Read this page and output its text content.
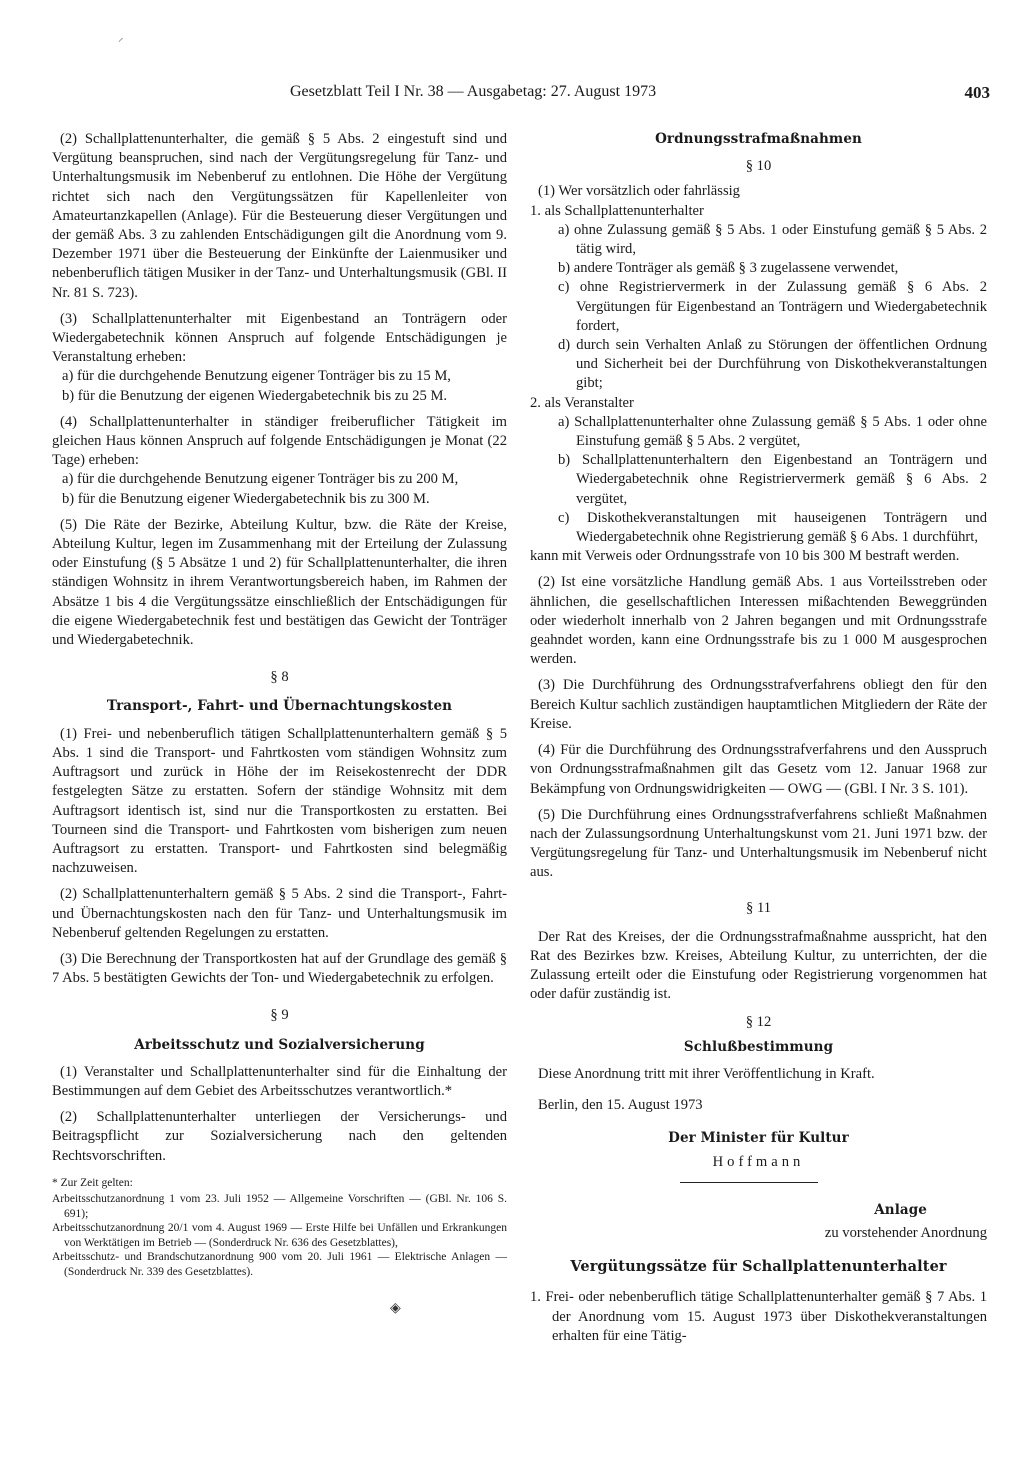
Gesetzblatt Teil I Nr. 38 — Ausgabetag: 27. August 1973	403

(2) Schallplattenunterhalter, die gemäß § 5 Abs. 2 eingestuft sind und Vergütung beanspruchen, sind nach der Vergütungsregelung für Tanz- und Unterhaltungsmusik im Nebenberuf zu entlohnen. Die Höhe der Vergütung richtet sich nach den Vergütungssätzen für Kapellenleiter von Amateurtanzkapellen (Anlage). Für die Besteuerung dieser Vergütungen und der gemäß Abs. 3 zu zahlenden Entschädigungen gilt die Anordnung vom 9. Dezember 1971 über die Besteuerung der Einkünfte der Laienmusiker und nebenberuflich tätigen Musiker in der Tanz- und Unterhaltungsmusik (GBl. II Nr. 81 S. 723).

(3) Schallplattenunterhalter mit Eigenbestand an Tonträgern oder Wiedergabetechnik können Anspruch auf folgende Entschädigungen je Veranstaltung erheben:

a) für die durchgehende Benutzung eigener Tonträger bis zu 15 M,

b) für die Benutzung der eigenen Wiedergabetechnik bis zu 25 M.

(4) Schallplattenunterhalter in ständiger freiberuflicher Tätigkeit im gleichen Haus können Anspruch auf folgende Entschädigungen je Monat (22 Tage) erheben:

a) für die durchgehende Benutzung eigener Tonträger bis zu 200 M,

b) für die Benutzung eigener Wiedergabetechnik bis zu 300 M.

(5) Die Räte der Bezirke, Abteilung Kultur, bzw. die Räte der Kreise, Abteilung Kultur, legen im Zusammenhang mit der Erteilung der Zulassung oder Einstufung (§ 5 Absätze 1 und 2) für Schallplattenunterhalter, die ihren ständigen Wohnsitz in ihrem Verantwortungsbereich haben, im Rahmen der Absätze 1 bis 4 die Vergütungssätze einschließlich der Entschädigungen für die eigene Wiedergabetechnik fest und bestätigen das Gewicht der Tonträger und Wiedergabetechnik.

§ 8

Transport-, Fahrt- und Übernachtungskosten

(1) Frei- und nebenberuflich tätigen Schallplattenunterhaltern gemäß § 5 Abs. 1 sind die Transport- und Fahrtkosten vom ständigen Wohnsitz zum Auftragsort und zurück in Höhe der im Reisekostenrecht der DDR festgelegten Sätze zu erstatten. Sofern der ständige Wohnsitz mit dem Auftragsort identisch ist, sind nur die Transportkosten zu erstatten. Bei Tourneen sind die Transport- und Fahrtkosten vom bisherigen zum neuen Auftragsort zu erstatten. Transport- und Fahrtkosten sind belegmäßig nachzuweisen.

(2) Schallplattenunterhaltern gemäß § 5 Abs. 2 sind die Transport-, Fahrt- und Übernachtungskosten nach den für Tanz- und Unterhaltungsmusik im Nebenberuf geltenden Regelungen zu erstatten.

(3) Die Berechnung der Transportkosten hat auf der Grundlage des gemäß § 7 Abs. 5 bestätigten Gewichts der Ton- und Wiedergabetechnik zu erfolgen.

§ 9

Arbeitsschutz und Sozialversicherung

(1) Veranstalter und Schallplattenunterhalter sind für die Einhaltung der Bestimmungen auf dem Gebiet des Arbeitsschutzes verantwortlich.*

(2) Schallplattenunterhalter unterliegen der Versicherungs- und Beitragspflicht zur Sozialversicherung nach den geltenden Rechtsvorschriften.

* Zur Zeit gelten:

Arbeitsschutzanordnung 1 vom 23. Juli 1952 — Allgemeine Vorschriften — (GBl. Nr. 106 S. 691);

Arbeitsschutzanordnung 20/1 vom 4. August 1969 — Erste Hilfe bei Unfällen und Erkrankungen von Werktätigen im Betrieb — (Sonderdruck Nr. 636 des Gesetzblattes),

Arbeitsschutz- und Brandschutzanordnung 900 vom 20. Juli 1961 — Elektrische Anlagen — (Sonderdruck Nr. 339 des Gesetzblattes).

Ordnungsstrafmaßnahmen

§ 10

(1) Wer vorsätzlich oder fahrlässig

1. als Schallplattenunterhalter

a) ohne Zulassung gemäß § 5 Abs. 1 oder Einstufung gemäß § 5 Abs. 2 tätig wird,

b) andere Tonträger als gemäß § 3 zugelassene verwendet,

c) ohne Registriervermerk in der Zulassung gemäß § 6 Abs. 2 Vergütungen für Eigenbestand an Tonträgern und Wiedergabetechnik fordert,

d) durch sein Verhalten Anlaß zu Störungen der öffentlichen Ordnung und Sicherheit bei der Durchführung von Diskothekveranstaltungen gibt;

2. als Veranstalter

a) Schallplattenunterhalter ohne Zulassung gemäß § 5 Abs. 1 oder ohne Einstufung gemäß § 5 Abs. 2 vergütet,

b) Schallplattenunterhaltern den Eigenbestand an Tonträgern und Wiedergabetechnik ohne Registriervermerk gemäß § 6 Abs. 2 vergütet,

c) Diskothekveranstaltungen mit hauseigenen Tonträgern und Wiedergabetechnik ohne Registrierung gemäß § 6 Abs. 1 durchführt,

kann mit Verweis oder Ordnungsstrafe von 10 bis 300 M bestraft werden.

(2) Ist eine vorsätzliche Handlung gemäß Abs. 1 aus Vorteilsstreben oder ähnlichen, die gesellschaftlichen Interessen mißachtenden Beweggründen oder wiederholt innerhalb von 2 Jahren begangen und mit Ordnungsstrafe geahndet worden, kann eine Ordnungsstrafe bis zu 1 000 M ausgesprochen werden.

(3) Die Durchführung des Ordnungsstrafverfahrens obliegt den für den Bereich Kultur sachlich zuständigen hauptamtlichen Mitgliedern der Räte der Kreise.

(4) Für die Durchführung des Ordnungsstrafverfahrens und den Ausspruch von Ordnungsstrafmaßnahmen gilt das Gesetz vom 12. Januar 1968 zur Bekämpfung von Ordnungswidrigkeiten — OWG — (GBl. I Nr. 3 S. 101).

(5) Die Durchführung eines Ordnungsstrafverfahrens schließt Maßnahmen nach der Zulassungsordnung Unterhaltungskunst vom 21. Juni 1971 bzw. der Vergütungsregelung für Tanz- und Unterhaltungsmusik im Nebenberuf nicht aus.

§ 11

Der Rat des Kreises, der die Ordnungsstrafmaßnahme ausspricht, hat den Rat des Bezirkes bzw. Kreises, Abteilung Kultur, zu unterrichten, der die Zulassung erteilt oder die Einstufung oder Registrierung vorgenommen hat oder dafür zuständig ist.

§ 12

Schlußbestimmung

Diese Anordnung tritt mit ihrer Veröffentlichung in Kraft.

Berlin, den 15. August 1973

Der Minister für Kultur

Hoffmann

Anlage

zu vorstehender Anordnung

Vergütungssätze für Schallplattenunterhalter

1. Frei- oder nebenberuflich tätige Schallplattenunterhalter gemäß § 7 Abs. 1 der Anordnung vom 15. August 1973 über Diskothekveranstaltungen erhalten für eine Tätig-

⸝
◈
